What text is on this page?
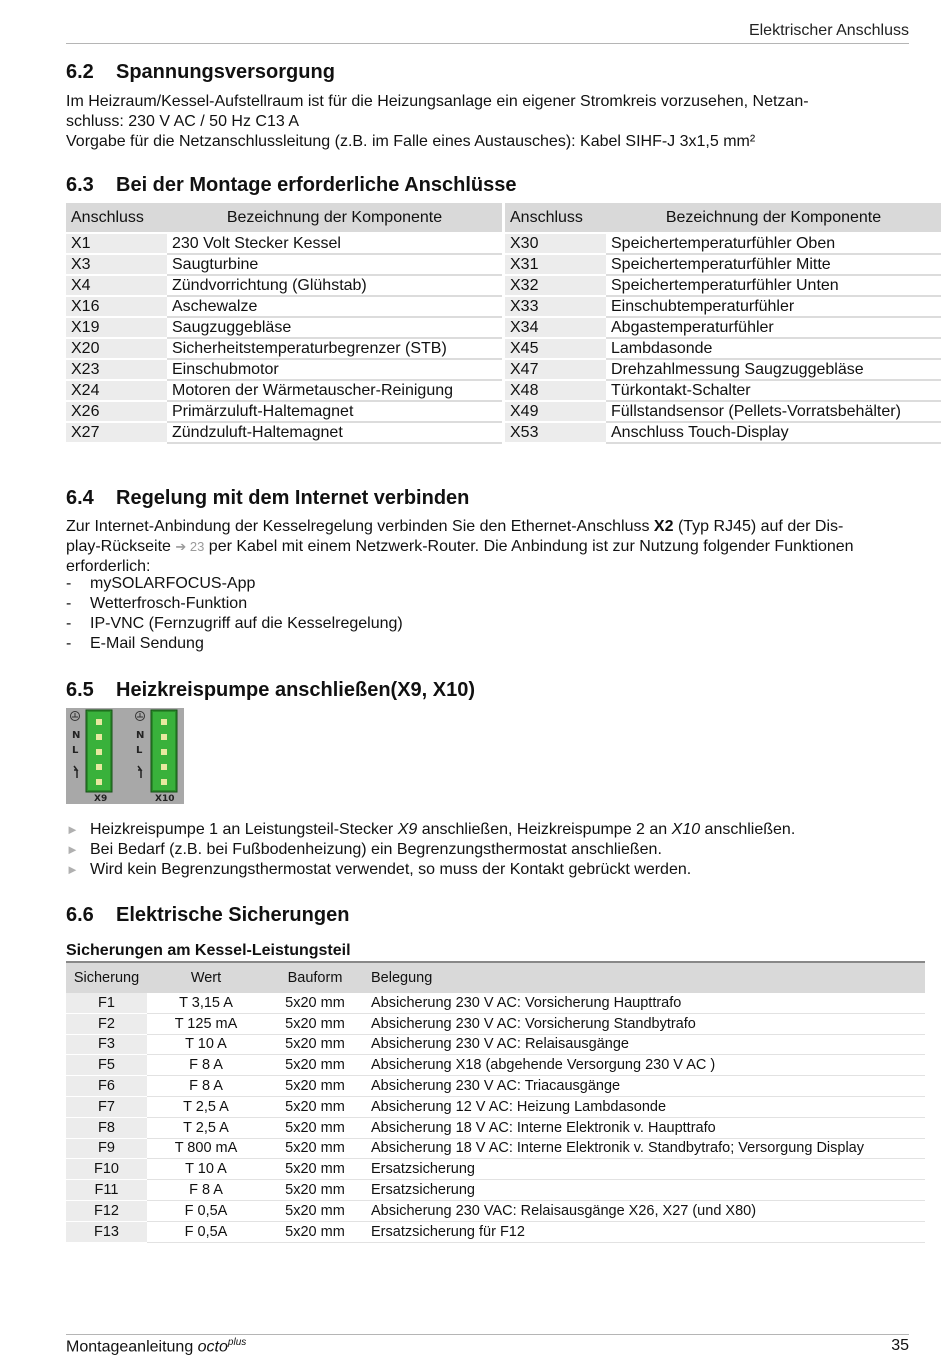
Elektrischer Anschluss
6.2 Spannungsversorgung
Im Heizraum/Kessel-Aufstellraum ist für die Heizungsanlage ein eigener Stromkreis vorzusehen, Netzan-
schluss: 230 V AC / 50 Hz C13 A
Vorgabe für die Netzanschlussleitung (z.B. im Falle eines Austausches): Kabel SIHF-J 3x1,5 mm²
6.3 Bei der Montage erforderliche Anschlüsse
Anschluss	Bezeichnung der Komponente
X1	230 Volt Stecker Kessel
X3	Saugturbine
X4	Zündvorrichtung (Glühstab)
X16	Aschewalze
X19	Saugzuggebläse
X20	Sicherheitstemperaturbegrenzer (STB)
X23	Einschubmotor
X24	Motoren der Wärmetauscher-Reinigung
X26	Primärzuluft-Haltemagnet
X27	Zündzuluft-Haltemagnet
Anschluss	Bezeichnung der Komponente
X30	Speichertemperaturfühler Oben
X31	Speichertemperaturfühler Mitte
X32	Speichertemperaturfühler Unten
X33	Einschubtemperaturfühler
X34	Abgastemperaturfühler
X45	Lambdasonde
X47	Drehzahlmessung Saugzuggebläse
X48	Türkontakt-Schalter
X49	Füllstandsensor (Pellets-Vorratsbehälter)
X53	Anschluss Touch-Display
6.4 Regelung mit dem Internet verbinden
Zur Internet-Anbindung der Kesselregelung verbinden Sie den Ethernet-Anschluss X2 (Typ RJ45) auf der Dis-
play-Rückseite ➔ 23 per Kabel mit einem Netzwerk-Router. Die Anbindung ist zur Nutzung folgender Funktionen
erforderlich:
- mySOLARFOCUS-App
- Wetterfrosch-Funktion
- IP-VNC (Fernzugriff auf die Kesselregelung)
- E-Mail Sendung
6.5 Heizkreispumpe anschließen(X9, X10)
N
L
X9
N
L
X10
► Heizkreispumpe 1 an Leistungsteil-Stecker X9 anschließen, Heizkreispumpe 2 an X10 anschließen.
► Bei Bedarf (z.B. bei Fußbodenheizung) ein Begrenzungsthermostat anschließen.
► Wird kein Begrenzungsthermostat verwendet, so muss der Kontakt gebrückt werden.
6.6 Elektrische Sicherungen
Sicherungen am Kessel-Leistungsteil
Sicherung	Wert	Bauform	Belegung
F1	T 3,15 A	5x20 mm	Absicherung 230 V AC: Vorsicherung Haupttrafo
F2	T 125 mA	5x20 mm	Absicherung 230 V AC: Vorsicherung Standbytrafo
F3	T 10 A	5x20 mm	Absicherung 230 V AC: Relaisausgänge
F5	F 8 A	5x20 mm	Absicherung X18 (abgehende Versorgung 230 V AC )
F6	F 8 A	5x20 mm	Absicherung 230 V AC: Triacausgänge
F7	T 2,5 A	5x20 mm	Absicherung 12 V AC: Heizung Lambdasonde
F8	T 2,5 A	5x20 mm	Absicherung 18 V AC: Interne Elektronik v. Haupttrafo
F9	T 800 mA	5x20 mm	Absicherung 18 V AC: Interne Elektronik v. Standbytrafo; Versorgung Display
F10	T 10 A	5x20 mm	Ersatzsicherung
F11	F 8 A	5x20 mm	Ersatzsicherung
F12	F 0,5A	5x20 mm	Absicherung 230 VAC: Relaisausgänge X26, X27 (und X80)
F13	F 0,5A	5x20 mm	Ersatzsicherung für F12
Montageanleitung octo$^{plus}$	35
